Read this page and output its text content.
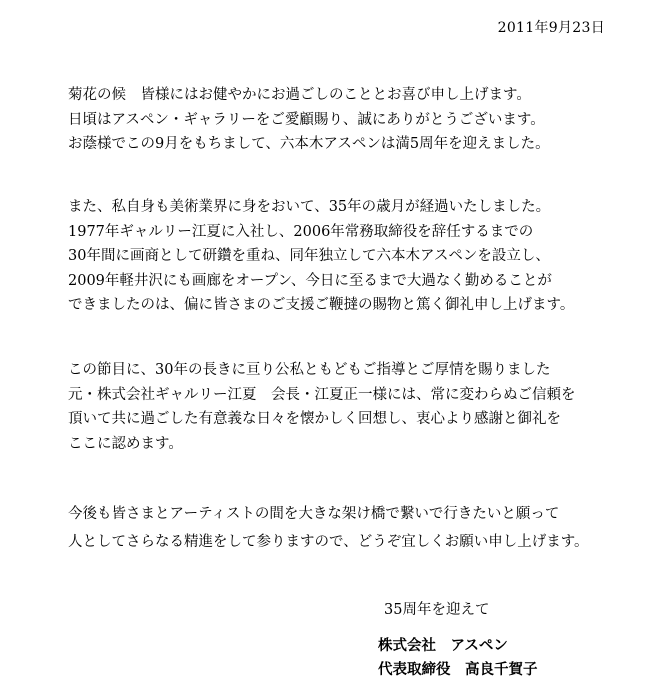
2011年9月23日

菊花の候　皆様にはお健やかにお過ごしのこととお喜び申し上げます。
日頃はアスペン・ギャラリーをご愛顧賜り、誠にありがとうございます。
お蔭様でこの9月をもちまして、六本木アスペンは満5周年を迎えました。

また、私自身も美術業界に身をおいて、35年の歳月が経過いたしました。
1977年ギャルリー江夏に入社し、2006年常務取締役を辞任するまでの
30年間に画商として研鑽を重ね、同年独立して六本木アスペンを設立し、
2009年軽井沢にも画廊をオープン、今日に至るまで大過なく勤めることが
できましたのは、偏に皆さまのご支援ご鞭撻の賜物と篤く御礼申し上げます。

この節目に、30年の長きに亘り公私ともどもご指導とご厚情を賜りました
元・株式会社ギャルリー江夏　会長・江夏正一様には、常に変わらぬご信頼を
頂いて共に過ごした有意義な日々を懐かしく回想し、衷心より感謝と御礼を
ここに認めます。

今後も皆さまとアーティストの間を大きな架け橋で繋いで行きたいと願って
人としてさらなる精進をして参りますので、どうぞ宜しくお願い申し上げます。

35周年を迎えて
株式会社　アスペン
代表取締役　高良千賀子
